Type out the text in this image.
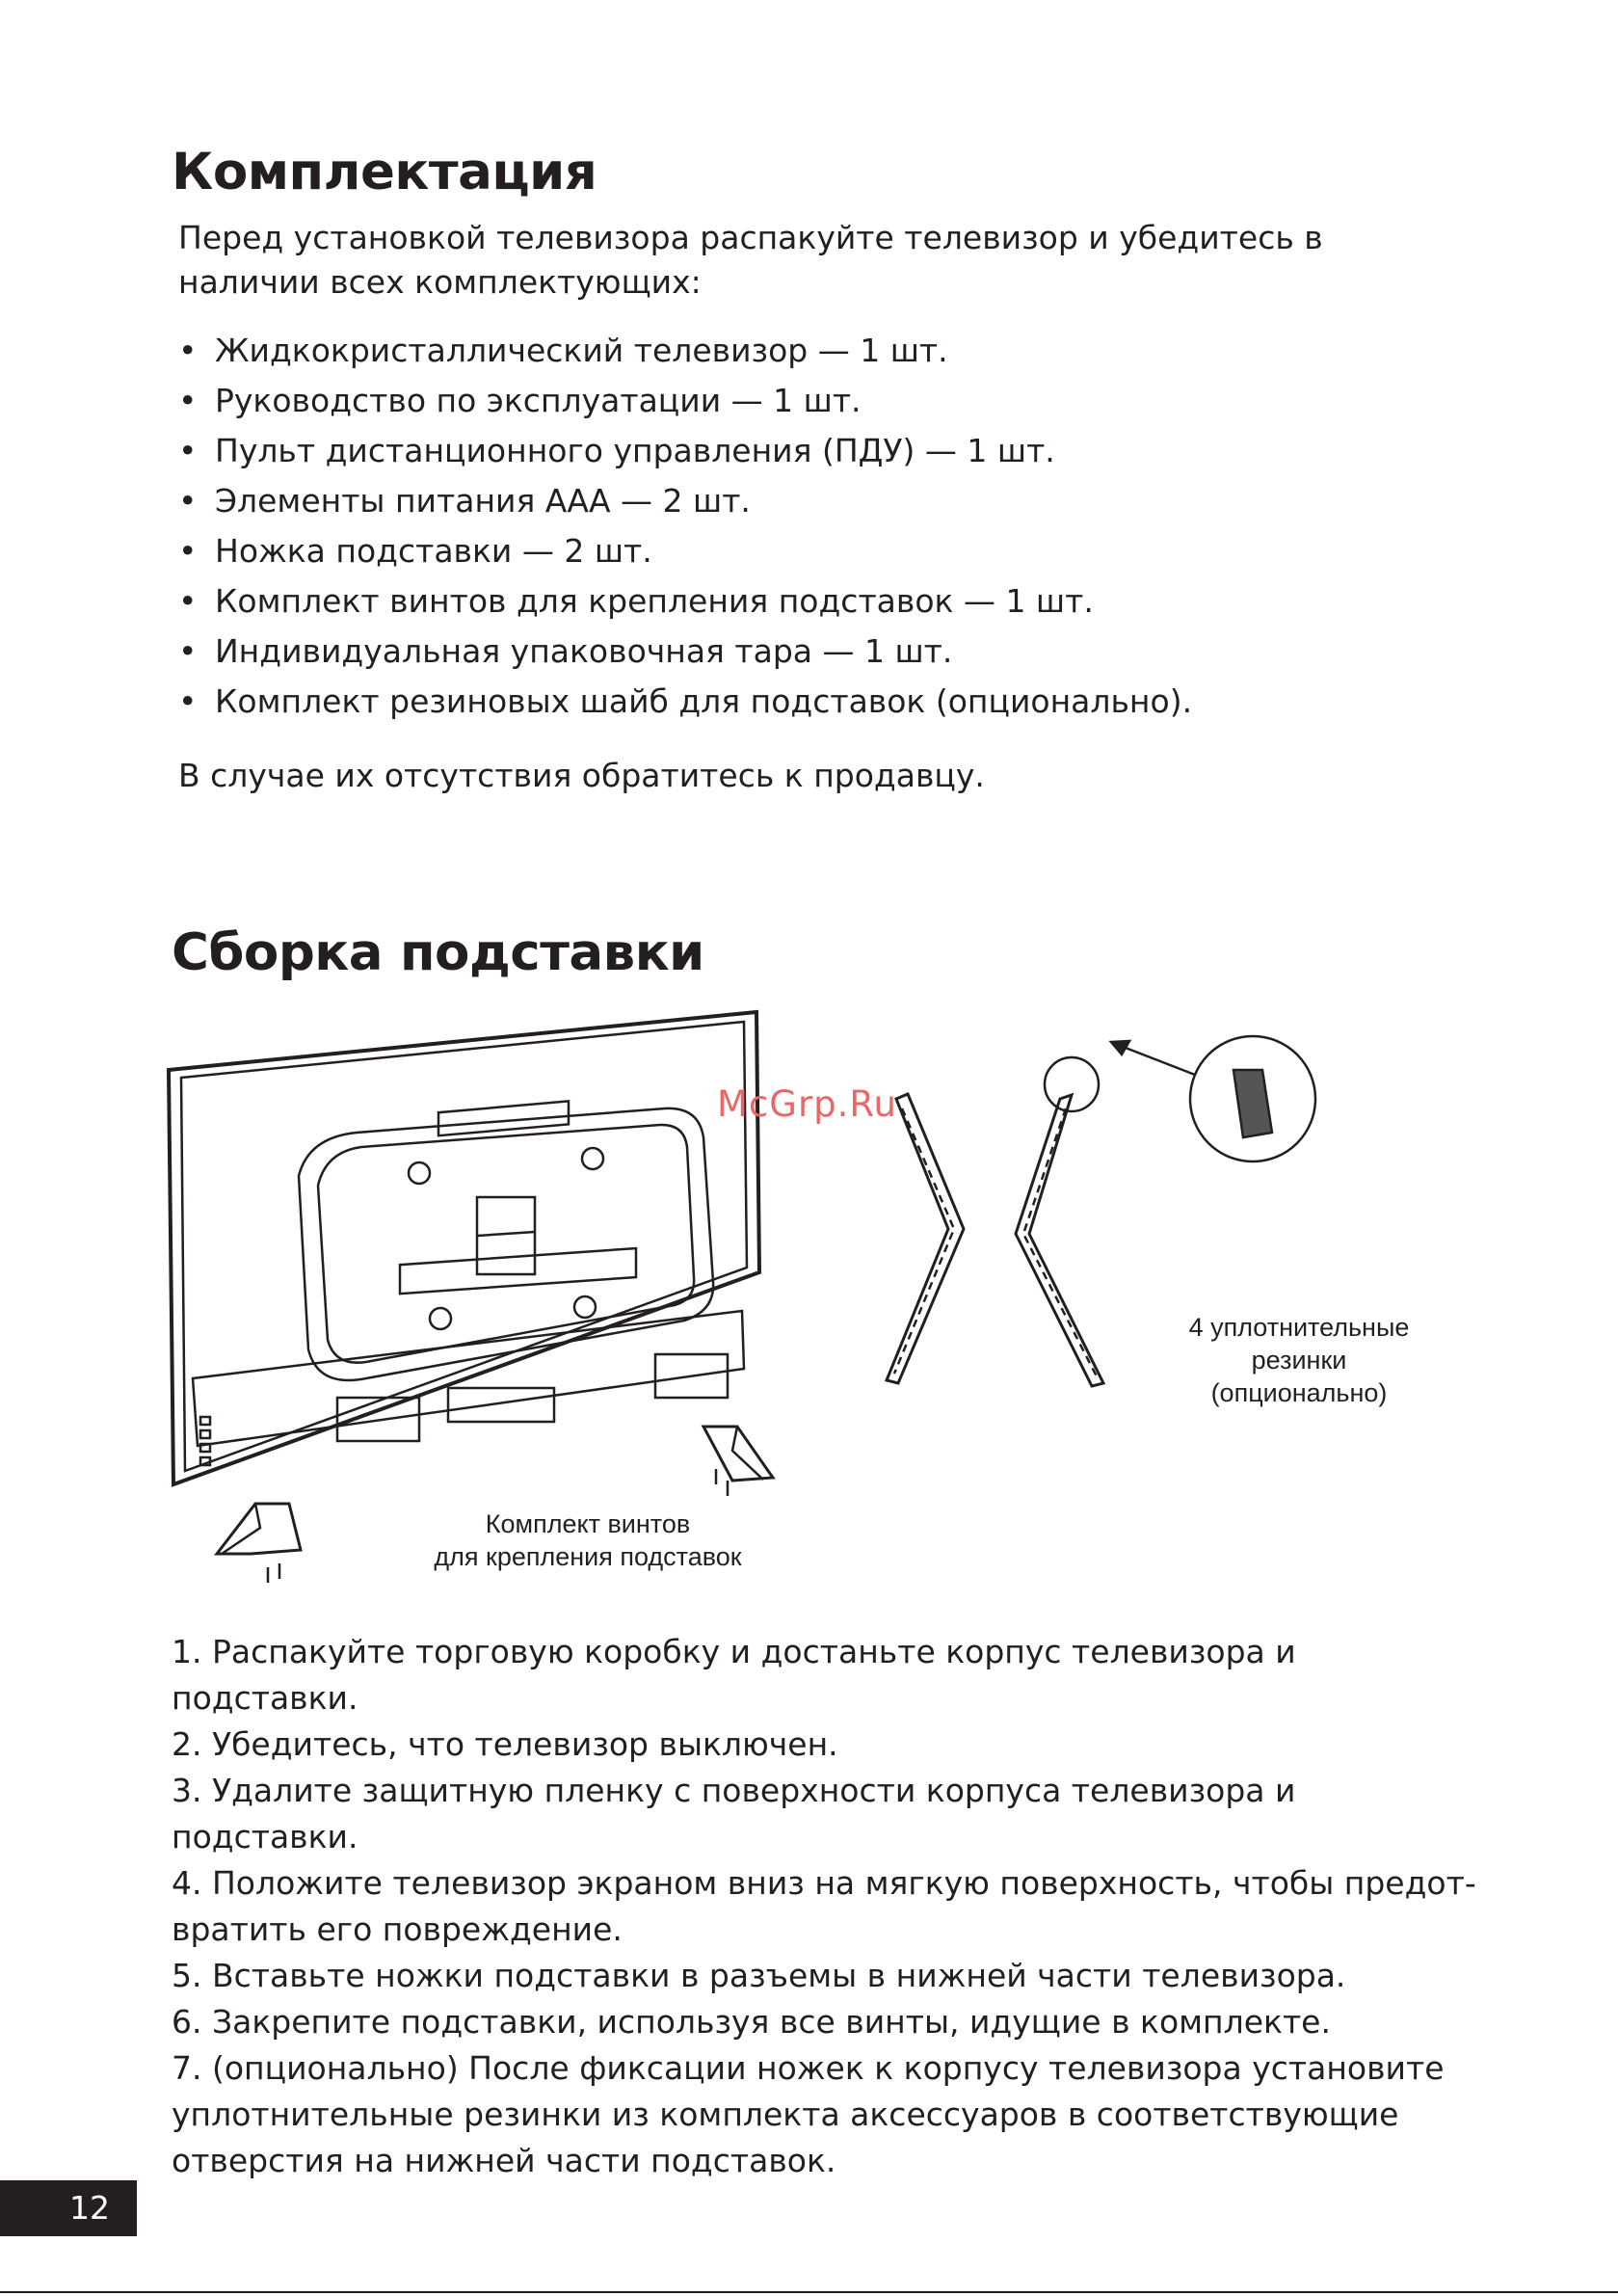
Комплектация

Перед установкой телевизора распакуйте телевизор и убедитесь в наличии всех комплектующих:

• Жидкокристаллический телевизор — 1 шт.
• Руководство по эксплуатации — 1 шт.
• Пульт дистанционного управления (ПДУ) — 1 шт.
• Элементы питания ААА — 2 шт.
• Ножка подставки — 2 шт.
• Комплект винтов для крепления подставок — 1 шт.
• Индивидуальная упаковочная тара — 1 шт.
• Комплект резиновых шайб для подставок (опционально).

В случае их отсутствия обратитесь к продавцу.

Сборка подставки
Комплект винтов
для крепления подставок
4 уплотнительные
резинки
(опционально)
McGrp.Ru
1. Распакуйте торговую коробку и достаньте корпус телевизора и подставки.
2. Убедитесь, что телевизор выключен.
3. Удалите защитную пленку с поверхности корпуса телевизора и подставки.
4. Положите телевизор экраном вниз на мягкую поверхность, чтобы предот-вратить его повреждение.
5. Вставьте ножки подставки в разъемы в нижней части телевизора.
6. Закрепите подставки, используя все винты, идущие в комплекте.
7. (опционально) После фиксации ножек к корпусу телевизора установите уплотнительные резинки из комплекта аксессуаров в соответствующие отверстия на нижней части подставок.
12
